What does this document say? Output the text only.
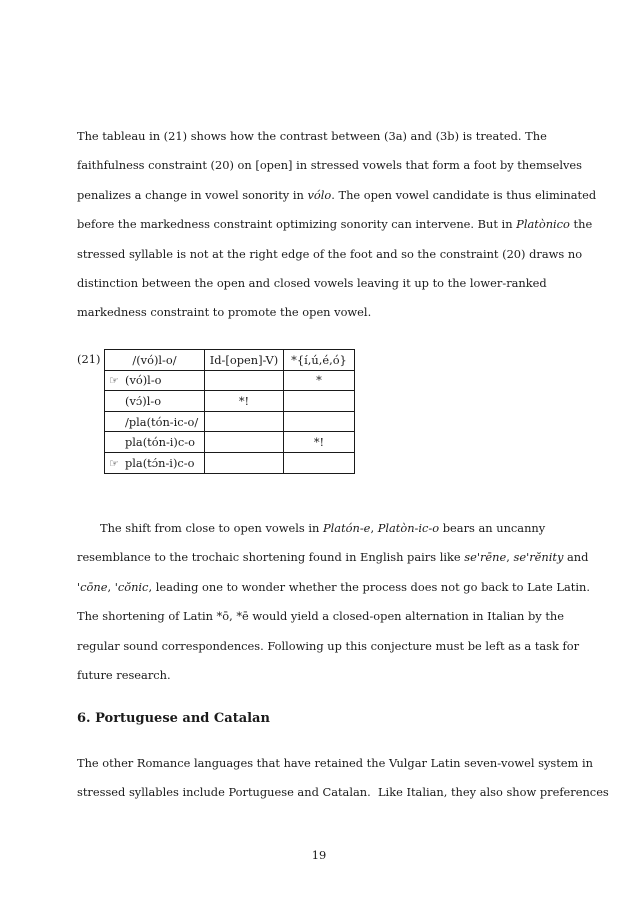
The tableau in (21) shows how the contrast between (3a) and (3b) is treated. The
faithfulness constraint (20) on [open] in stressed vowels that form a foot by themselves
penalizes a change in vowel sonority in vólo. The open vowel candidate is thus eliminated
before the markedness constraint optimizing sonority can intervene. But in Platònico the
stressed syllable is not at the right edge of the foot and so the constraint (20) draws no
distinction between the open and closed vowels leaving it up to the lower-ranked
markedness constraint to promote the open vowel.
(21)	/(vó)l-o/	Id-[open]-V)	*{í,ú,é,ó}
☞ (vó)l-o		*
(vɔ́)l-o	*!	
/pla(tón-ic-o/		
pla(tón-i)c-o		*!
☞ pla(tɔ́n-i)c-o		
The shift from close to open vowels in Platón-e, Platòn-ic-o bears an uncanny
resemblance to the trochaic shortening found in English pairs like se'rēne, se'rĕnity and
'cōne, 'cŏnic, leading one to wonder whether the process does not go back to Late Latin.
The shortening of Latin *ō, *ē would yield a closed-open alternation in Italian by the
regular sound correspondences. Following up this conjecture must be left as a task for
future research.
6. Portuguese and Catalan
The other Romance languages that have retained the Vulgar Latin seven-vowel system in
stressed syllables include Portuguese and Catalan.  Like Italian, they also show preferences
19
